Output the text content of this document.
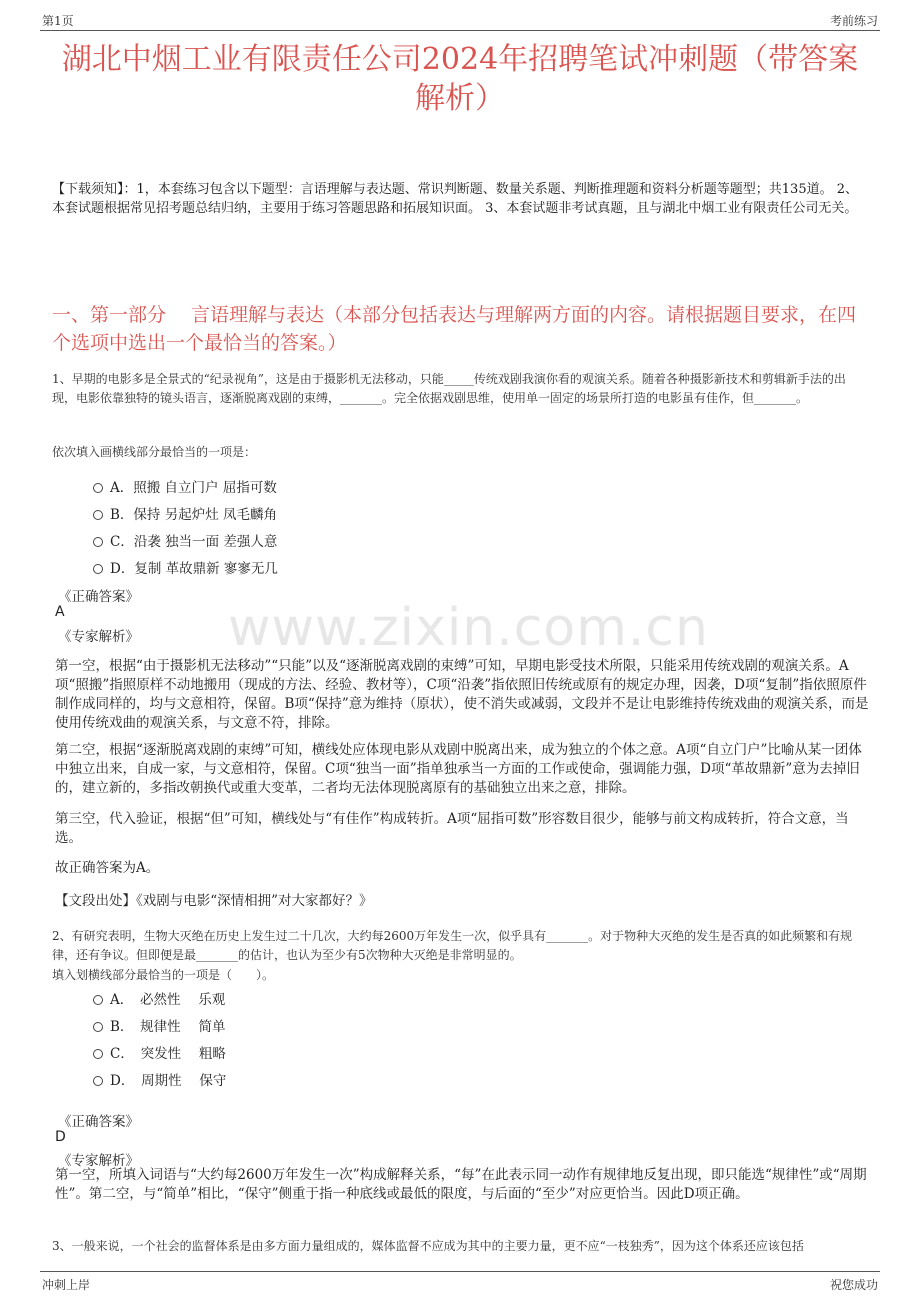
第1页	考前练习
湖北中烟工业有限责任公司2024年招聘笔试冲刺题（带答案解析）
【下载须知】：1，本套练习包含以下题型：言语理解与表达题、常识判断题、数量关系题、判断推理题和资料分析题等题型；共135道。 2、本套试题根据常见招考题总结归纳，主要用于练习答题思路和拓展知识面。 3、本套试题非考试真题，且与湖北中烟工业有限责任公司无关。
一、第一部分　 言语理解与表达（本部分包括表达与理解两方面的内容。请根据题目要求，在四个选项中选出一个最恰当的答案。）
www.zixin.com.cn
1、早期的电影多是全景式的“纪录视角”，这是由于摄影机无法移动，只能_____传统戏剧我演你看的观演关系。随着各种摄影新技术和剪辑新手法的出现，电影依靠独特的镜头语言，逐渐脱离戏剧的束缚，_______。完全依据戏剧思维，使用单一固定的场景所打造的电影虽有佳作，但_______。
依次填入画横线部分最恰当的一项是：
A．照搬 自立门户 屈指可数
B．保持 另起炉灶 凤毛麟角
C．沿袭 独当一面 差强人意
D．复制 革故鼎新 寥寥无几
《正确答案》
A
《专家解析》
第一空，根据“由于摄影机无法移动”“只能”以及“逐渐脱离戏剧的束缚”可知，早期电影受技术所限，只能采用传统戏剧的观演关系。A项“照搬”指照原样不动地搬用（现成的方法、经验、教材等），C项“沿袭”指依照旧传统或原有的规定办理，因袭，D项“复制”指依照原件制作成同样的，均与文意相符，保留。B项“保持”意为维持（原状），使不消失或减弱，文段并不是让电影维持传统戏曲的观演关系，而是使用传统戏曲的观演关系，与文意不符，排除。
第二空，根据“逐渐脱离戏剧的束缚”可知，横线处应体现电影从戏剧中脱离出来，成为独立的个体之意。A项“自立门户”比喻从某一团体中独立出来，自成一家，与文意相符，保留。C项“独当一面”指单独承当一方面的工作或使命，强调能力强，D项“革故鼎新”意为去掉旧的，建立新的，多指改朝换代或重大变革，二者均无法体现脱离原有的基础独立出来之意，排除。
第三空，代入验证，根据“但”可知，横线处与“有佳作”构成转折。A项“屈指可数”形容数目很少，能够与前文构成转折，符合文意，当选。
故正确答案为A。
【文段出处】《戏剧与电影“深情相拥”对大家都好？》
2、有研究表明，生物大灭绝在历史上发生过二十几次，大约每2600万年发生一次，似乎具有_______。对于物种大灭绝的发生是否真的如此频繁和有规律，还有争议。但即便是最_______的估计，也认为至少有5次物种大灭绝是非常明显的。
填入划横线部分最恰当的一项是（　　）。
A．　必然性　 乐观
B．　规律性　 简单
C．　突发性　 粗略
D．　周期性　 保守
《正确答案》
D
《专家解析》
第一空，所填入词语与“大约每2600万年发生一次”构成解释关系，“每”在此表示同一动作有规律地反复出现，即只能选“规律性”或“周期性”。第二空，与“简单”相比，“保守”侧重于指一种底线或最低的限度，与后面的“至少”对应更恰当。因此D项正确。
3、一般来说，一个社会的监督体系是由多方面力量组成的，媒体监督不应成为其中的主要力量，更不应“一枝独秀”，因为这个体系还应该包括
冲刺上岸	祝您成功
